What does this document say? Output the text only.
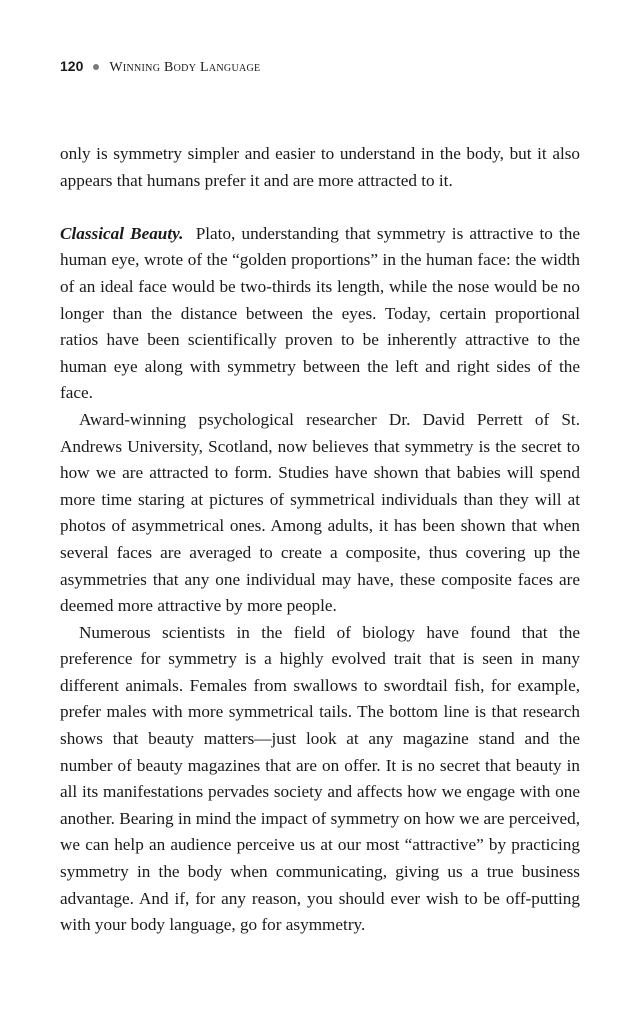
120 Winning Body Language

only is symmetry simpler and easier to understand in the body, but it also appears that humans prefer it and are more attracted to it.

Classical Beauty. Plato, understanding that symmetry is attractive to the human eye, wrote of the “golden proportions” in the human face: the width of an ideal face would be two-thirds its length, while the nose would be no longer than the distance between the eyes. Today, certain proportional ratios have been scientifically proven to be inherently attractive to the human eye along with symmetry between the left and right sides of the face.

Award-winning psychological researcher Dr. David Perrett of St. Andrews University, Scotland, now believes that symmetry is the secret to how we are attracted to form. Studies have shown that babies will spend more time staring at pictures of symmetrical individuals than they will at photos of asymmetrical ones. Among adults, it has been shown that when several faces are averaged to create a composite, thus covering up the asymmetries that any one individual may have, these composite faces are deemed more attractive by more people.

Numerous scientists in the field of biology have found that the preference for symmetry is a highly evolved trait that is seen in many different animals. Females from swallows to swordtail fish, for example, prefer males with more symmetrical tails. The bottom line is that research shows that beauty matters—just look at any magazine stand and the number of beauty magazines that are on offer. It is no secret that beauty in all its manifestations pervades society and affects how we engage with one another. Bearing in mind the impact of symmetry on how we are perceived, we can help an audience perceive us at our most “attractive” by practicing symmetry in the body when communicating, giving us a true business advantage. And if, for any reason, you should ever wish to be off-putting with your body language, go for asymmetry.
